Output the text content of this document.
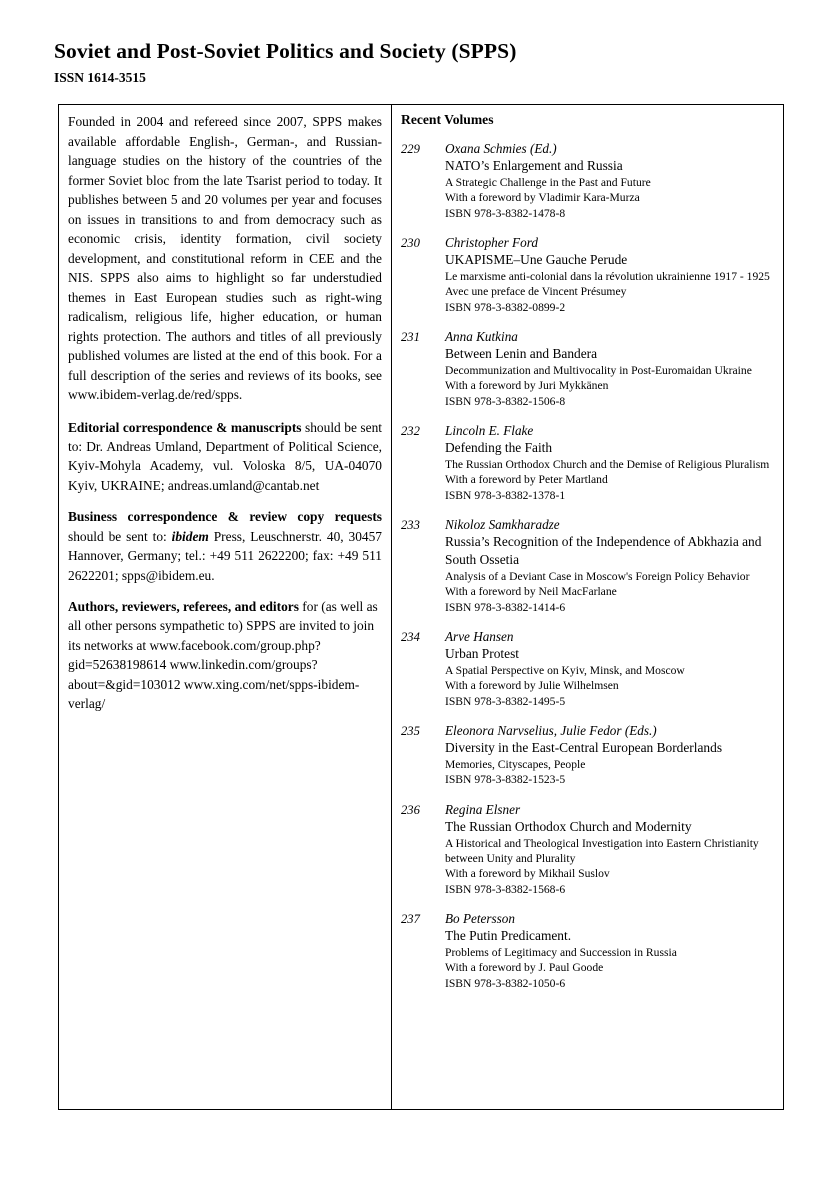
Soviet and Post-Soviet Politics and Society (SPPS)
ISSN 1614-3515

Founded in 2004 and refereed since 2007, SPPS makes available affordable English-, German-, and Russian-language studies on the history of the countries of the former Soviet bloc from the late Tsarist period to today. It publishes between 5 and 20 volumes per year and focuses on issues in transitions to and from democracy such as economic crisis, identity formation, civil society development, and constitutional reform in CEE and the NIS. SPPS also aims to highlight so far understudied themes in East European studies such as right-wing radicalism, religious life, higher education, or human rights protection. The authors and titles of all previously published volumes are listed at the end of this book. For a full description of the series and reviews of its books, see www.ibidem-verlag.de/red/spps.

Editorial correspondence & manuscripts should be sent to: Dr. Andreas Umland, Department of Political Science, Kyiv-Mohyla Academy, vul. Voloska 8/5, UA-04070 Kyiv, UKRAINE; andreas.umland@cantab.net

Business correspondence & review copy requests should be sent to: ibidem Press, Leuschnerstr. 40, 30457 Hannover, Germany; tel.: +49 511 2622200; fax: +49 511 2622201; spps@ibidem.eu.

Authors, reviewers, referees, and editors for (as well as all other persons sympathetic to) SPPS are invited to join its networks at www.facebook.com/group.php?gid=52638198614 www.linkedin.com/groups?about=&gid=103012 www.xing.com/net/spps-ibidem-verlag/

Recent Volumes
229	Oxana Schmies (Ed.)
NATO’s Enlargement and Russia
A Strategic Challenge in the Past and Future
With a foreword by Vladimir Kara-Murza
ISBN 978-3-8382-1478-8
230	Christopher Ford
UKAPISME–Une Gauche Perude
Le marxisme anti-colonial dans la révolution ukrainienne 1917 - 1925
Avec une preface de Vincent Présumey
ISBN 978-3-8382-0899-2
231	Anna Kutkina
Between Lenin and Bandera
Decommunization and Multivocality in Post-Euromaidan Ukraine
With a foreword by Juri Mykkänen
ISBN 978-3-8382-1506-8
232	Lincoln E. Flake
Defending the Faith
The Russian Orthodox Church and the Demise of Religious Pluralism
With a foreword by Peter Martland
ISBN 978-3-8382-1378-1
233	Nikoloz Samkharadze
Russia’s Recognition of the Independence of Abkhazia and South Ossetia
Analysis of a Deviant Case in Moscow's Foreign Policy Behavior
With a foreword by Neil MacFarlane
ISBN 978-3-8382-1414-6
234	Arve Hansen
Urban Protest
A Spatial Perspective on Kyiv, Minsk, and Moscow
With a foreword by Julie Wilhelmsen
ISBN 978-3-8382-1495-5
235	Eleonora Narvselius, Julie Fedor (Eds.)
Diversity in the East-Central European Borderlands
Memories, Cityscapes, People
ISBN 978-3-8382-1523-5
236	Regina Elsner
The Russian Orthodox Church and Modernity
A Historical and Theological Investigation into Eastern Christianity between Unity and Plurality
With a foreword by Mikhail Suslov
ISBN 978-3-8382-1568-6
237	Bo Petersson
The Putin Predicament.
Problems of Legitimacy and Succession in Russia
With a foreword by J. Paul Goode
ISBN 978-3-8382-1050-6
